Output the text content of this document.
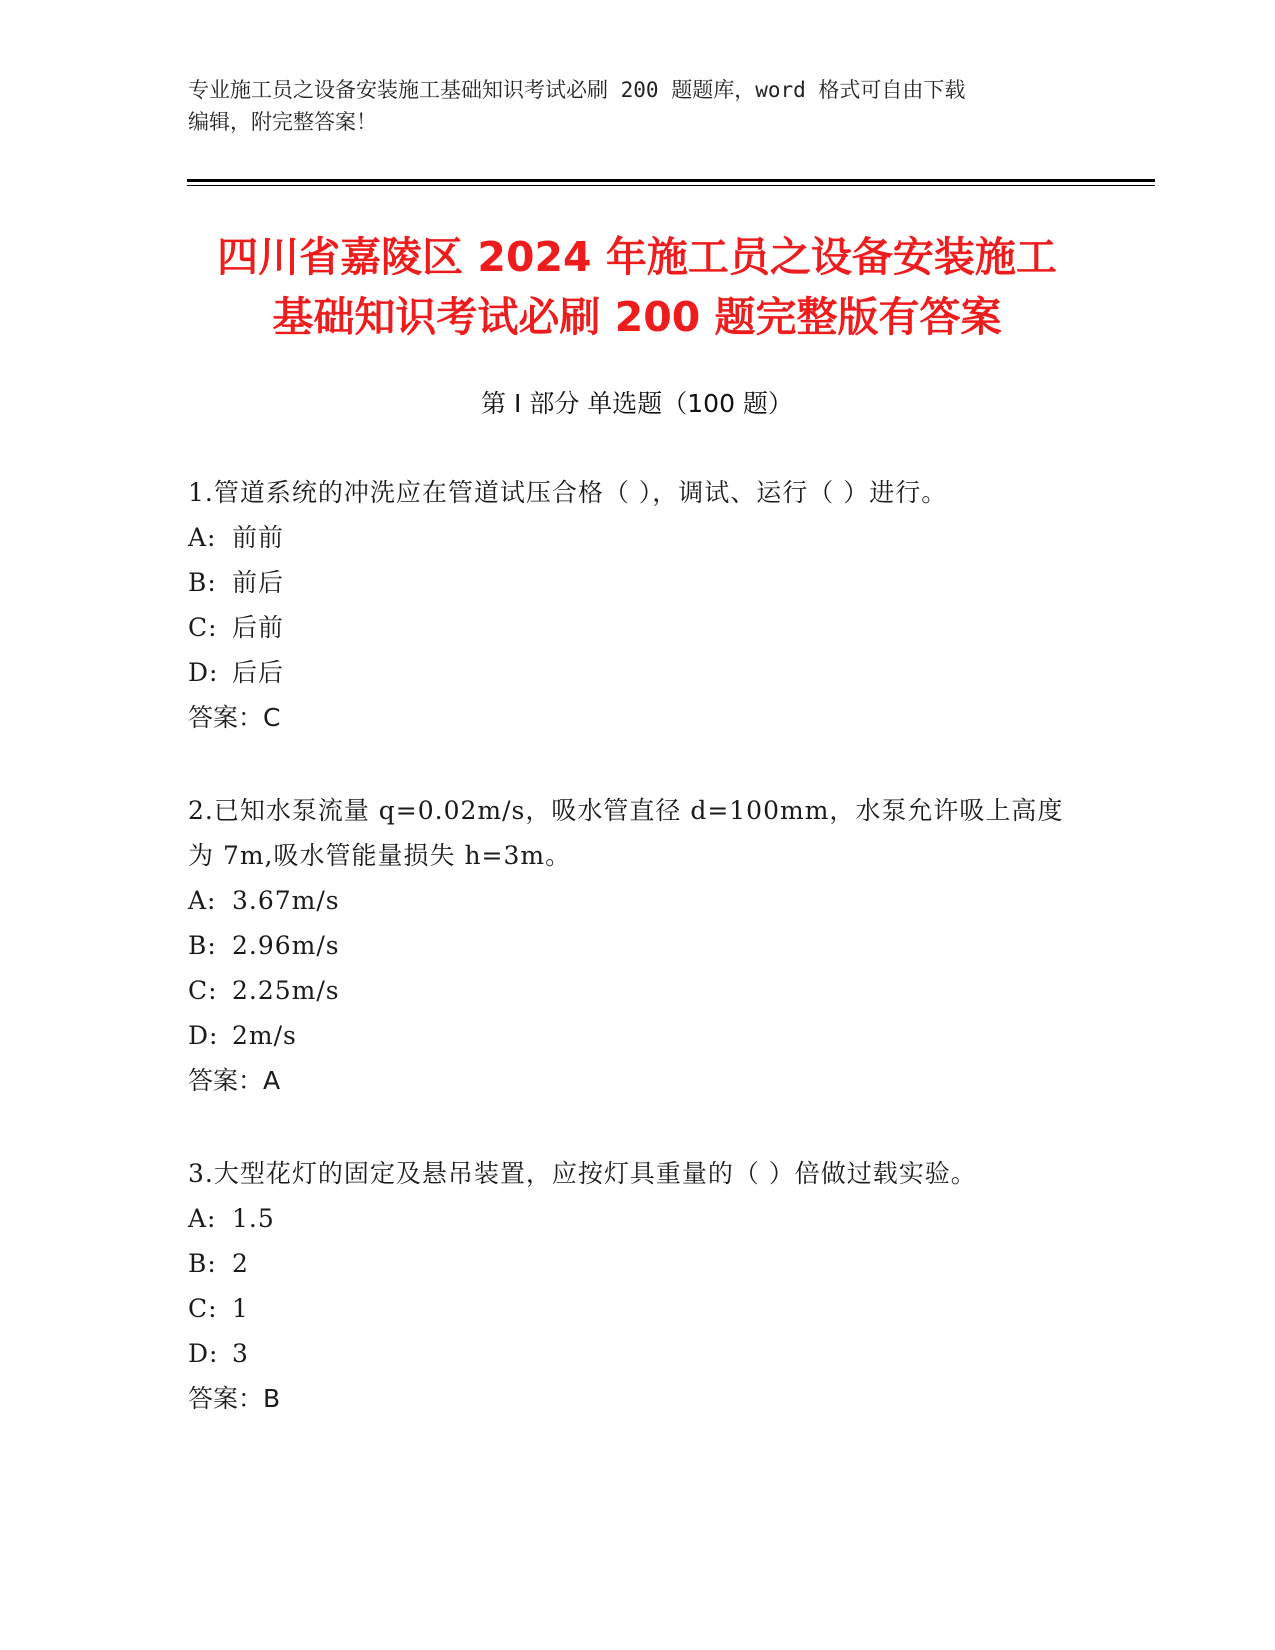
专业施工员之设备安装施工基础知识考试必刷 200 题题库，word 格式可自由下载
编辑，附完整答案！
四川省嘉陵区 2024 年施工员之设备安装施工
基础知识考试必刷 200 题完整版有答案
第 I 部分 单选题（100 题）
1.管道系统的冲洗应在管道试压合格（ ），调试、运行（ ）进行。
A: 前前
B: 前后
C: 后前
D: 后后
答案：C
2.已知水泵流量 q=0.02m/s，吸水管直径 d=100mm，水泵允许吸上高度
为 7m,吸水管能量损失 h=3m。
A: 3.67m/s
B: 2.96m/s
C: 2.25m/s
D: 2m/s
答案：A
3.大型花灯的固定及悬吊装置，应按灯具重量的（ ）倍做过载实验。
A: 1.5
B: 2
C: 1
D: 3
答案：B
